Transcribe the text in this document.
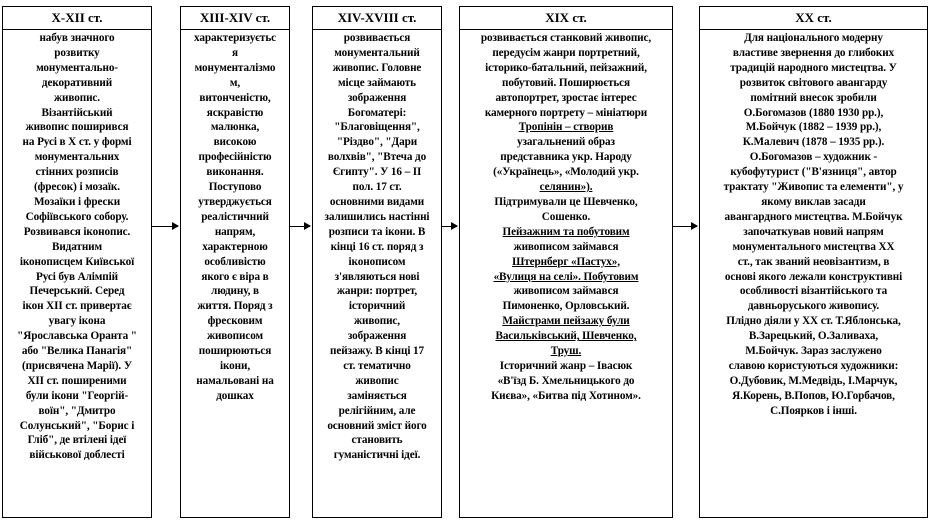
X-XII ст.
набув значного
розвитку
монументально-
декоративний
живопис.
Візантійський
живопис поширився
на Русі в X ст. у формі
монументальних
стінних розписів
(фресок) і мозаїк.
Мозаїки і фрески
Софіївського собору.
Розвивався іконопис.
Видатним
іконописцем Київської
Русі був Алімпій
Печерський. Серед
ікон XII ст. привертає
увагу ікона
"Ярославська Оранта "
або "Велика Панагія"
(присвячена Марії). У
XII ст. поширеними
були ікони "Георгій-
воїн", "Дмитро
Солунський", "Борис і
Гліб", де втілені ідеї
військової доблесті
XIII-XIV ст.
характеризуєтьс
я
монументалізмо
м,
витонченістю,
яскравістю
малюнка,
високою
професійністю
виконання.
Поступово
утверджується
реалістичний
напрям,
характерною
особливістю
якого є віра в
людину, в
життя. Поряд з
фресковим
живописом
поширюються
ікони,
намальовані на
дошках
XIV-XVIII ст.
розвивається
монументальний
живопис. Головне
місце займають
зображення
Богоматері:
"Благовіщення",
"Різдво", "Дари
волхвів", "Втеча до
Єгипту". У 16 – II
пол. 17 ст.
основними видами
залишились настінні
розписи та ікони. В
кінці 16 ст. поряд з
іконописом
з'являються нові
жанри: портрет,
історичний
живопис,
зображення
пейзажу. В кінці 17
ст. тематично
живопис
заміняється
релігійним, але
основний зміст його
становить
гуманістичні ідеї.
XIX ст.
розвивається станковий живопис,
передусім жанри портретний,
історико-батальний, пейзажний,
побутовий. Поширюється
автопортрет, зростає інтерес
камерного портрету – мініатюри
Тропінін – створив
узагальнений образ
представника укр. Народу
(«Українець», «Молодий укр.
селянин»).
Підтримували це Шевченко,
Сошенко.
Пейзажним та побутовим
живописом займався
Штернберг «Пастух»,
«Вулиця на селі». Побутовим
живописом займався
Пимоненко, Орловський.
Майстрами пейзажу були
Васильківський, Шевченко,
Труш.
Історичний жанр – Івасюк
«В'їзд Б. Хмельницького до
Києва», «Битва під Хотином».
XX ст.
Для національного модерну
властиве звернення до глибоких
традицій народного мистецтва. У
розвиток світового авангарду
помітний внесок зробили
О.Богомазов (1880 1930 рр.),
М.Бойчук (1882 – 1939 рр.),
К.Малевич (1878 – 1935 рр.).
О.Богомазов – художник -
кубофутурист ("В'язниця", автор
трактату "Живопис та елементи", у
якому виклав засади
авангардного мистецтва. М.Бойчук
започаткував новий напрям
монументального мистецтва XX
ст., так званий неовізантизм, в
основі якого лежали конструктивні
особливості візантійського та
давньоруського живопису.
Плідно діяли у XX ст. Т.Яблонська,
В.Зарецький, О.Заливаха,
М.Бойчук. Зараз заслужено
славою користуються художники:
О.Дубовик, М.Медвідь, І.Марчук,
Я.Корень, В.Попов, Ю.Горбачов,
С.Поярков і інші.
